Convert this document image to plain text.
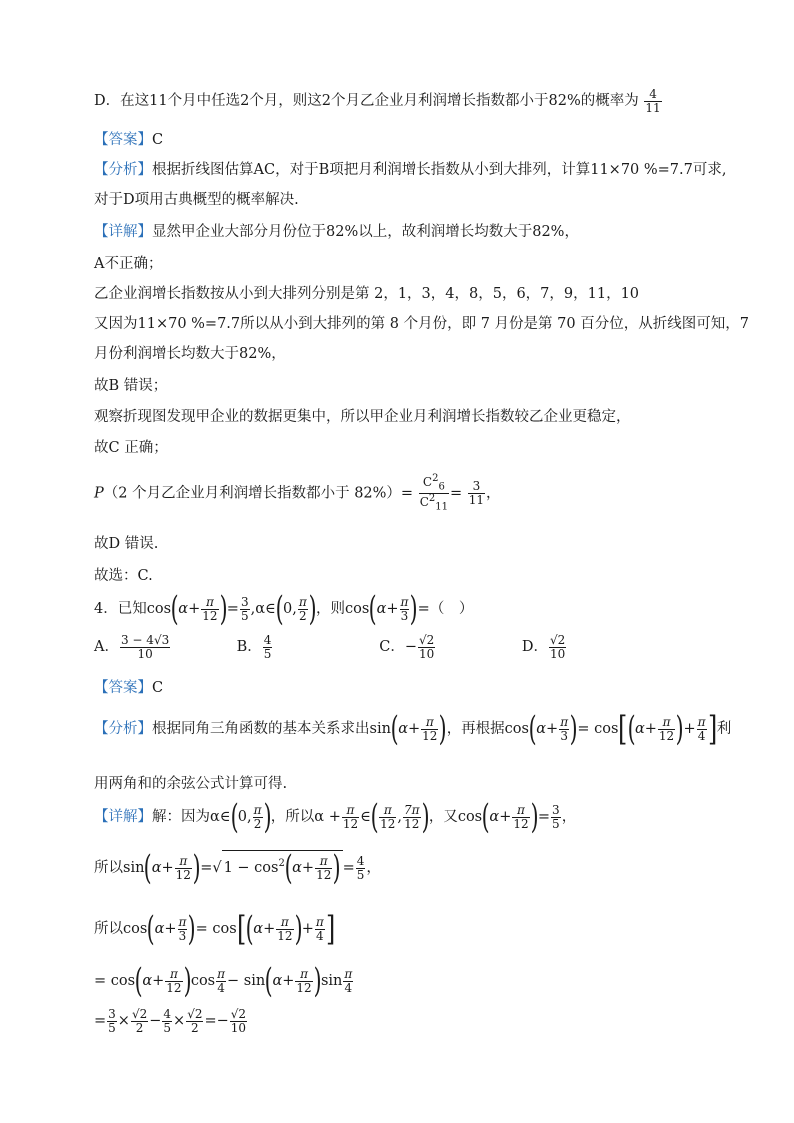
D．在这11个月中任选2个月，则这2个月乙企业月利润增长指数都小于82%的概率为 $\frac{4}{11}$
【答案】C
【分析】根据折线图估算AC，对于B项把月利润增长指数从小到大排列，计算11×70 %=7.7可求,
对于D项用古典概型的概率解决.
【详解】显然甲企业大部分月份位于82%以上，故利润增长均数大于82%，
A不正确；
乙企业润增长指数按从小到大排列分别是第 2，1，3，4，8，5，6，7，9，11，10
又因为11×70 %=7.7所以从小到大排列的第 8 个月份，即 7 月份是第 70 百分位，从折线图可知，7
月份利润增长均数大于82%，
故B 错误；
观察折现图发现甲企业的数据更集中，所以甲企业月利润增长指数较乙企业更稳定，
故C 正确；
P（2 个月乙企业月利润增长指数都小于 $82\%)= \frac{C^2_6}{C^2_{11}} = \frac{3}{11}$ ，
故D 错误.
故选：C.
4．已知$\cos(\alpha+ \frac{\pi}{12}$ )= $\frac{3}{5}$ ,α∈(0, $\frac{\pi}{2}$ )，则$\cos(\alpha+ \frac{\pi}{3}$ )=（　）
A． $\frac{3 - 4√3}{10}$	B． $\frac{4}{5}$	C．− $\frac{√2}{10}$	D． $\frac{√2}{10}$
【答案】C
【分析】根据同角三角函数的基本关系求出$\sin(\alpha+ \frac{\pi}{12}$ )，再根据$\cos(\alpha+ \frac{\pi}{3}$ )= $\cos[(\alpha+ \frac{\pi}{12}$ )+ $\frac{\pi}{4}$ ]利
用两角和的余弦公式计算可得.
【详解】解：因为α∈(0, $\frac{\pi}{2}$ )，所以$\alpha + \frac{\pi}{12}$ ∈( $\frac{\pi}{12}$ , $\frac{7\pi}{12}$ )，又$\cos(\alpha+ \frac{\pi}{12}$ )= $\frac{3}{5}$ ，
所以$\sin(\alpha+ \frac{\pi}{12}$ )=√ $1 - \cos^2(\alpha+ \frac{\pi}{12}$ ) = $\frac{4}{5}$ ，
所以$\cos(\alpha+ \frac{\pi}{3}$ )= $\cos[(\alpha+ \frac{\pi}{12}$ )+ $\frac{\pi}{4}$ ]
= $\cos(\alpha+ \frac{\pi}{12} )\cos \frac{\pi}{4} - \sin(\alpha+ \frac{\pi}{12} )\sin \frac{\pi}{4}$
= $\frac{3}{5} \times \frac{√2}{2} - \frac{4}{5} \times \frac{√2}{2} =- \frac{√2}{10}$
